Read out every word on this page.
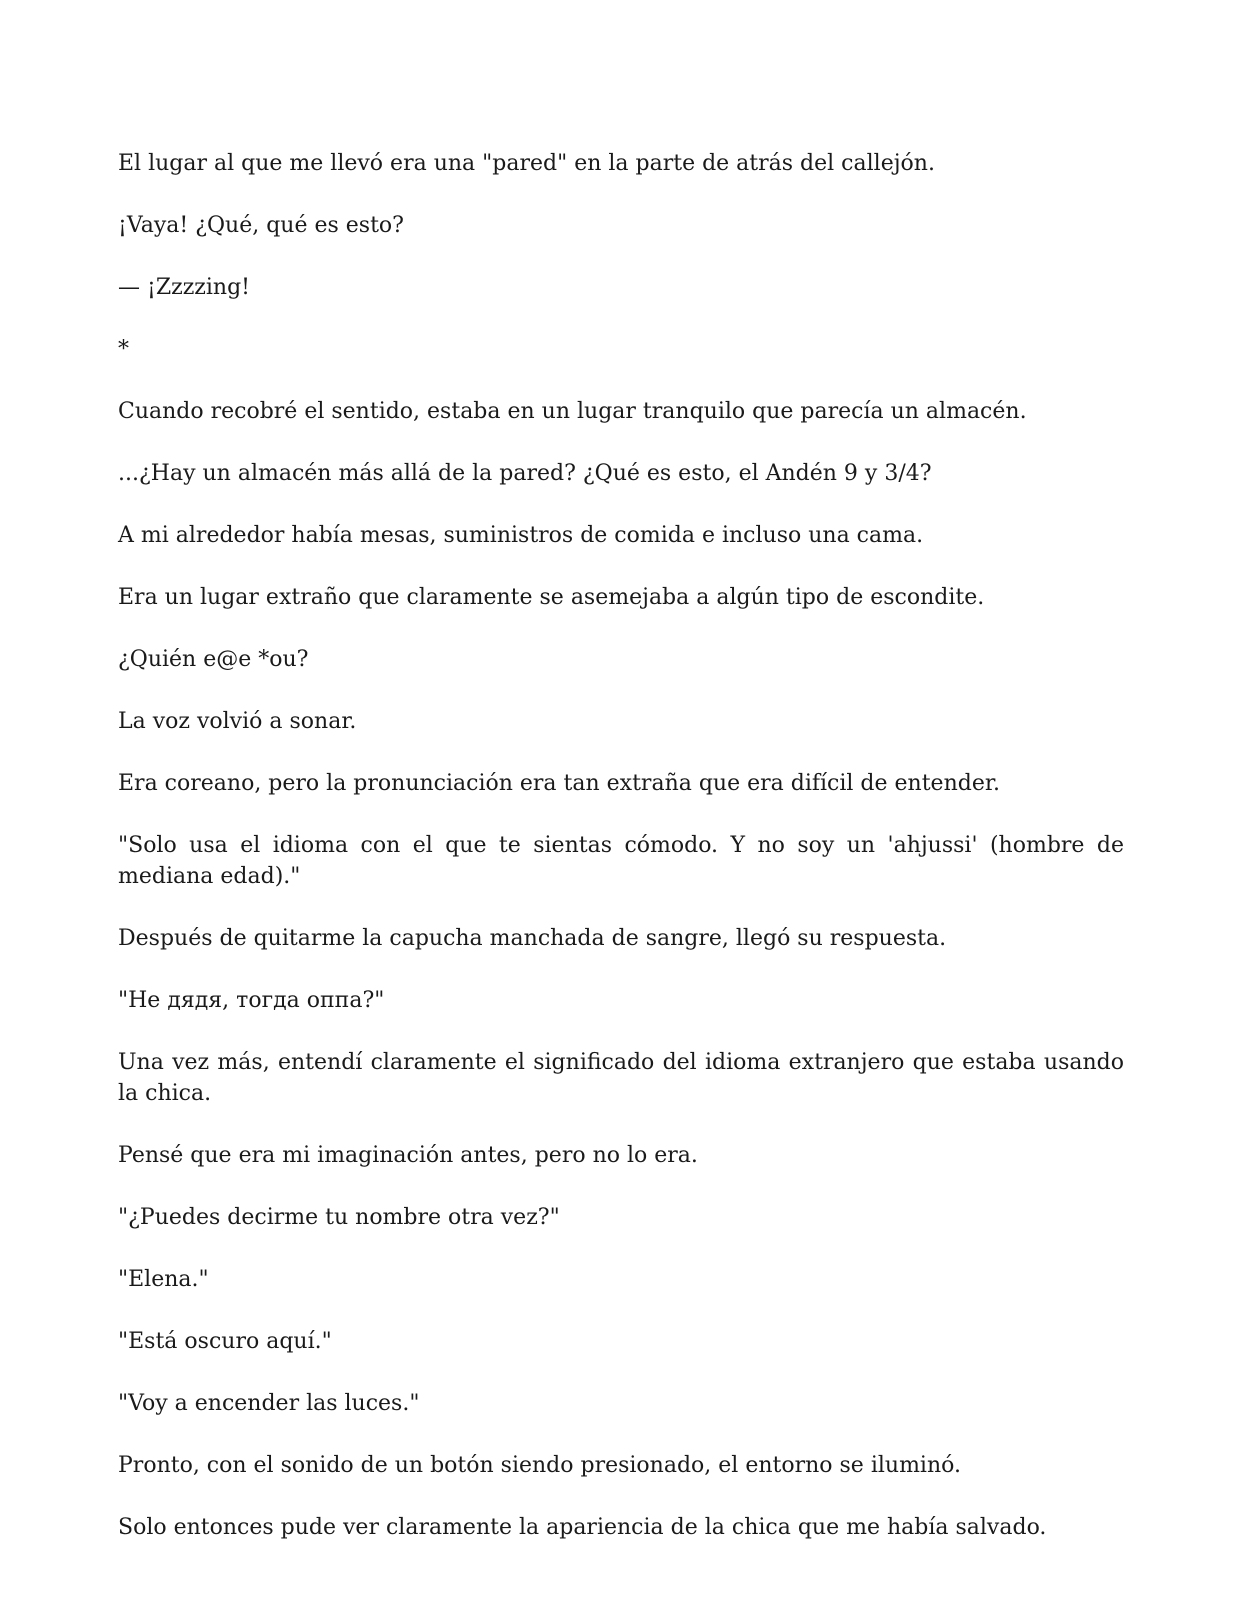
El lugar al que me llevó era una "pared" en la parte de atrás del callejón.

¡Vaya! ¿Qué, qué es esto?

— ¡Zzzzing!

*

Cuando recobré el sentido, estaba en un lugar tranquilo que parecía un almacén.

...¿Hay un almacén más allá de la pared? ¿Qué es esto, el Andén 9 y 3/4?

A mi alrededor había mesas, suministros de comida e incluso una cama.

Era un lugar extraño que claramente se asemejaba a algún tipo de escondite.

¿Quién e@e *ou?

La voz volvió a sonar.

Era coreano, pero la pronunciación era tan extraña que era difícil de entender.

"Solo usa el idioma con el que te sientas cómodo. Y no soy un 'ahjussi' (hombre de mediana edad)."

Después de quitarme la capucha manchada de sangre, llegó su respuesta.

"Не дядя, тогда оппа?"

Una vez más, entendí claramente el significado del idioma extranjero que estaba usando la chica.

Pensé que era mi imaginación antes, pero no lo era.

"¿Puedes decirme tu nombre otra vez?"

"Elena."

"Está oscuro aquí."

"Voy a encender las luces."

Pronto, con el sonido de un botón siendo presionado, el entorno se iluminó.

Solo entonces pude ver claramente la apariencia de la chica que me había salvado.
